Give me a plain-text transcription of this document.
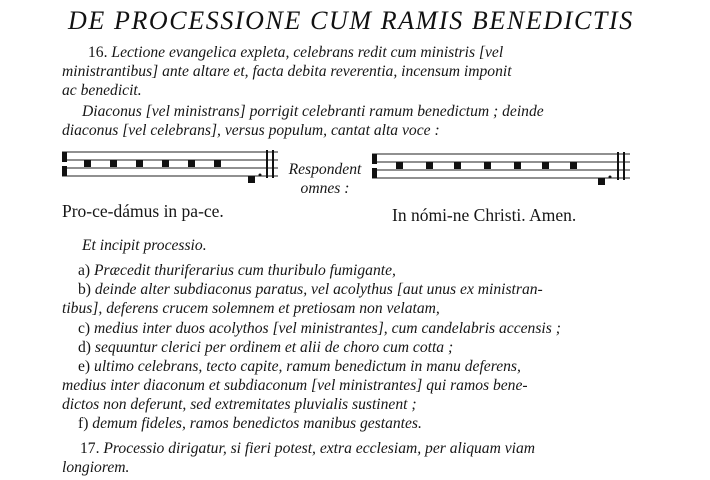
DE PROCESSIONE CUM RAMIS BENEDICTIS
16. Lectione evangelica expleta, celebrans redit cum ministris [vel
ministrantibus] ante altare et, facta debita reverentia, incensum imponit
ac benedicit.
Diaconus [vel ministrans] porrigit celebranti ramum benedictum ; deinde
diaconus [vel celebrans], versus populum, cantat alta voce :
Respondent
omnes :
Pro-ce-dámus in pa-ce.	In nómi-ne Christi. Amen.
Et incipit processio.
a) Præcedit thuriferarius cum thuribulo fumigante,
b) deinde alter subdiaconus paratus, vel acolythus [aut unus ex ministran-
tibus], deferens crucem solemnem et pretiosam non velatam,
c) medius inter duos acolythos [vel ministrantes], cum candelabris accensis ;
d) sequuntur clerici per ordinem et alii de choro cum cotta ;
e) ultimo celebrans, tecto capite, ramum benedictum in manu deferens,
medius inter diaconum et subdiaconum [vel ministrantes] qui ramos bene-
dictos non deferunt, sed extremitates pluvialis sustinent ;
f) demum fideles, ramos benedictos manibus gestantes.
17. Processio dirigatur, si fieri potest, extra ecclesiam, per aliquam viam
longiorem.
